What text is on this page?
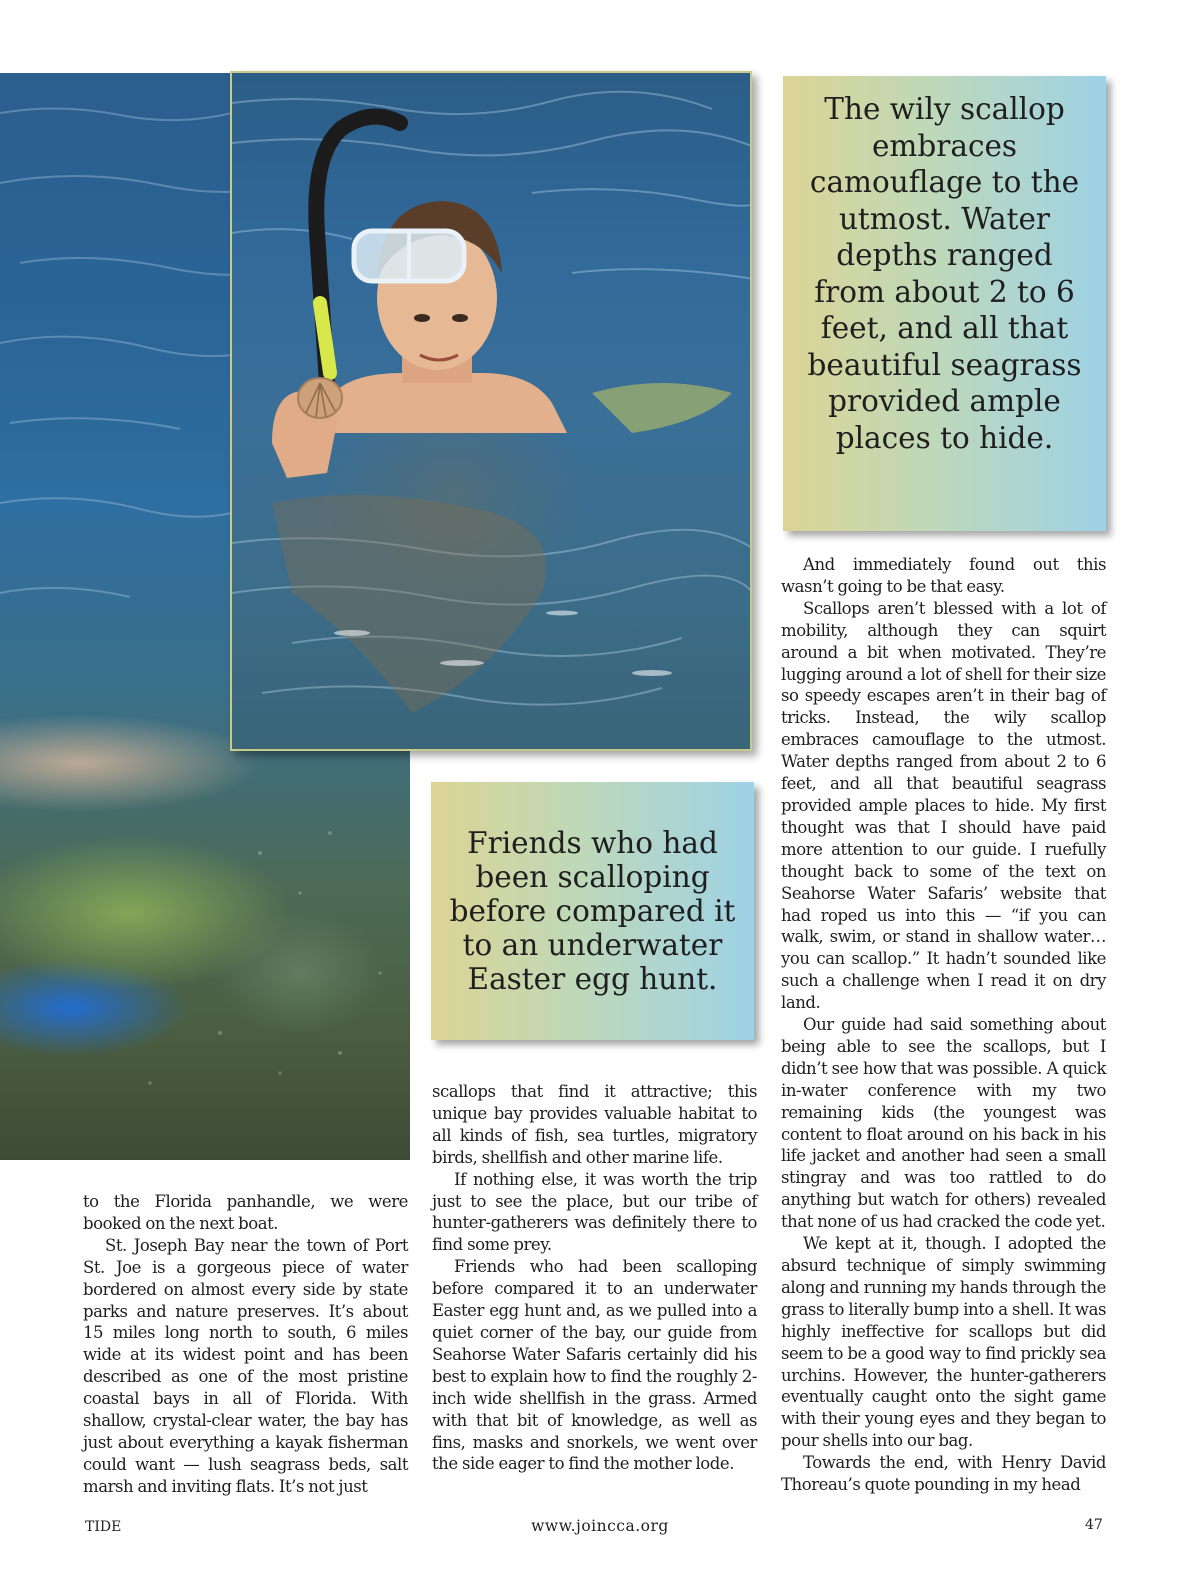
The wily scallop embraces camouflage to the utmost. Water depths ranged from about 2 to 6 feet, and all that beautiful seagrass provided ample places to hide.
Friends who had been scalloping before compared it to an underwater Easter egg hunt.

to the Florida panhandle, we were booked on the next boat.

St. Joseph Bay near the town of Port St. Joe is a gorgeous piece of water bordered on almost every side by state parks and nature preserves. It’s about 15 miles long north to south, 6 miles wide at its widest point and has been described as one of the most pristine coastal bays in all of Florida. With shallow, crystal-clear water, the bay has just about everything a kayak fisherman could want — lush seagrass beds, salt marsh and inviting flats. It’s not just

scallops that find it attractive; this unique bay provides valuable habitat to all kinds of fish, sea turtles, migratory birds, shellfish and other marine life.

If nothing else, it was worth the trip just to see the place, but our tribe of hunter-gatherers was definitely there to find some prey.

Friends who had been scalloping before compared it to an underwater Easter egg hunt and, as we pulled into a quiet corner of the bay, our guide from Seahorse Water Safaris certainly did his best to explain how to find the roughly 2-inch wide shellfish in the grass. Armed with that bit of knowledge, as well as fins, masks and snorkels, we went over the side eager to find the mother lode.

And immediately found out this wasn’t going to be that easy.

Scallops aren’t blessed with a lot of mobility, although they can squirt around a bit when motivated. They’re lugging around a lot of shell for their size so speedy escapes aren’t in their bag of tricks. Instead, the wily scallop embraces camouflage to the utmost. Water depths ranged from about 2 to 6 feet, and all that beautiful seagrass provided ample places to hide. My first thought was that I should have paid more attention to our guide. I ruefully thought back to some of the text on Seahorse Water Safaris’ website that had roped us into this — “if you can walk, swim, or stand in shallow water…you can scallop.” It hadn’t sounded like such a challenge when I read it on dry land.

Our guide had said something about being able to see the scallops, but I didn’t see how that was possible. A quick in-water conference with my two remaining kids (the youngest was content to float around on his back in his life jacket and another had seen a small stingray and was too rattled to do anything but watch for others) revealed that none of us had cracked the code yet.

We kept at it, though. I adopted the absurd technique of simply swimming along and running my hands through the grass to literally bump into a shell. It was highly ineffective for scallops but did seem to be a good way to find prickly sea urchins. However, the hunter-gatherers eventually caught onto the sight game with their young eyes and they began to pour shells into our bag.

Towards the end, with Henry David Thoreau’s quote pounding in my head

TIDE	www.joincca.org	47
